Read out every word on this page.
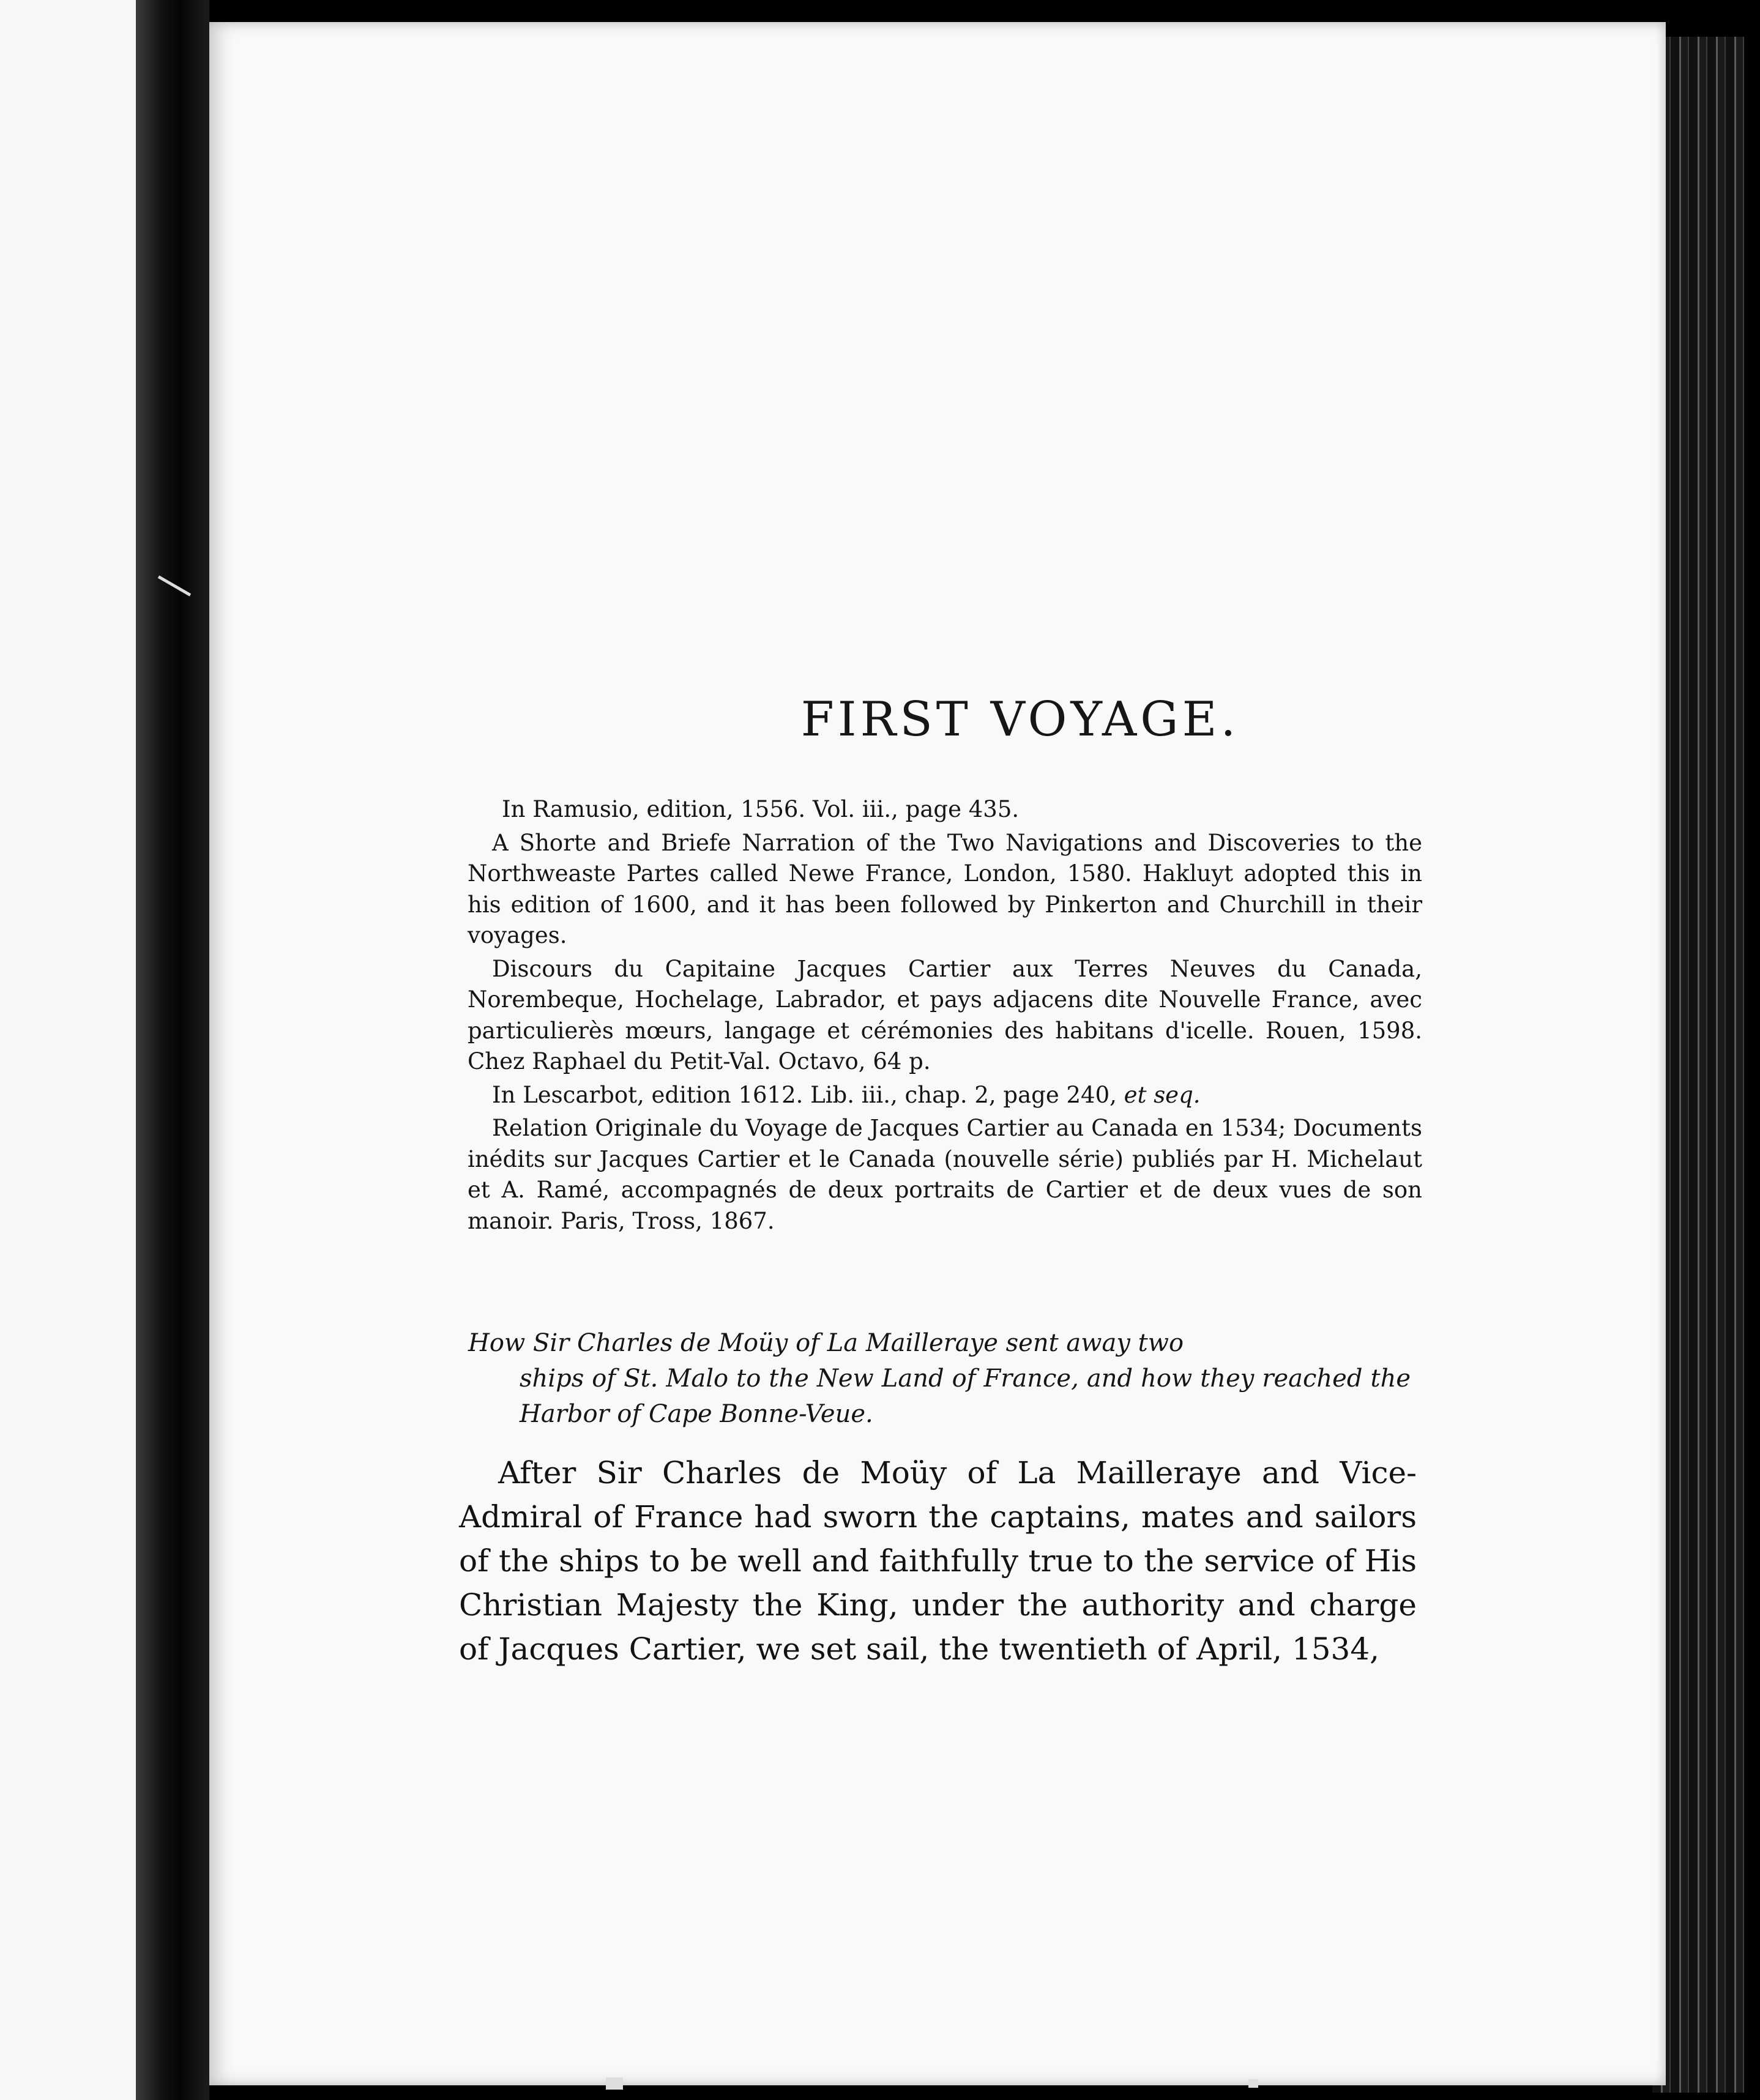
FIRST VOYAGE.

In Ramusio, edition, 1556. Vol. iii., page 435.

A Shorte and Briefe Narration of the Two Navigations and Discoveries to the Northweaste Partes called Newe France, London, 1580. Hakluyt adopted this in his edition of 1600, and it has been followed by Pinkerton and Churchill in their voyages.

Discours du Capitaine Jacques Cartier aux Terres Neuves du Canada, Norembeque, Hochelage, Labrador, et pays adjacens dite Nouvelle France, avec particulierès mœurs, langage et cérémonies des habitans d'icelle. Rouen, 1598. Chez Raphael du Petit-Val. Octavo, 64 p.

In Lescarbot, edition 1612. Lib. iii., chap. 2, page 240, et seq.

Relation Originale du Voyage de Jacques Cartier au Canada en 1534; Documents inédits sur Jacques Cartier et le Canada (nouvelle série) publiés par H. Michelaut et A. Ramé, accompagnés de deux portraits de Cartier et de deux vues de son manoir. Paris, Tross, 1867.

How Sir Charles de Moüy of La Mailleraye sent away two
ships of St. Malo to the New Land of France, and how they reached the Harbor of Cape Bonne-Veue.
After Sir Charles de Moüy of La Mailleraye and Vice-Admiral of France had sworn the captains, mates and sailors of the ships to be well and faithfully true to the service of His Christian Majesty the King, under the authority and charge of Jacques Cartier, we set sail, the twentieth of April, 1534,
